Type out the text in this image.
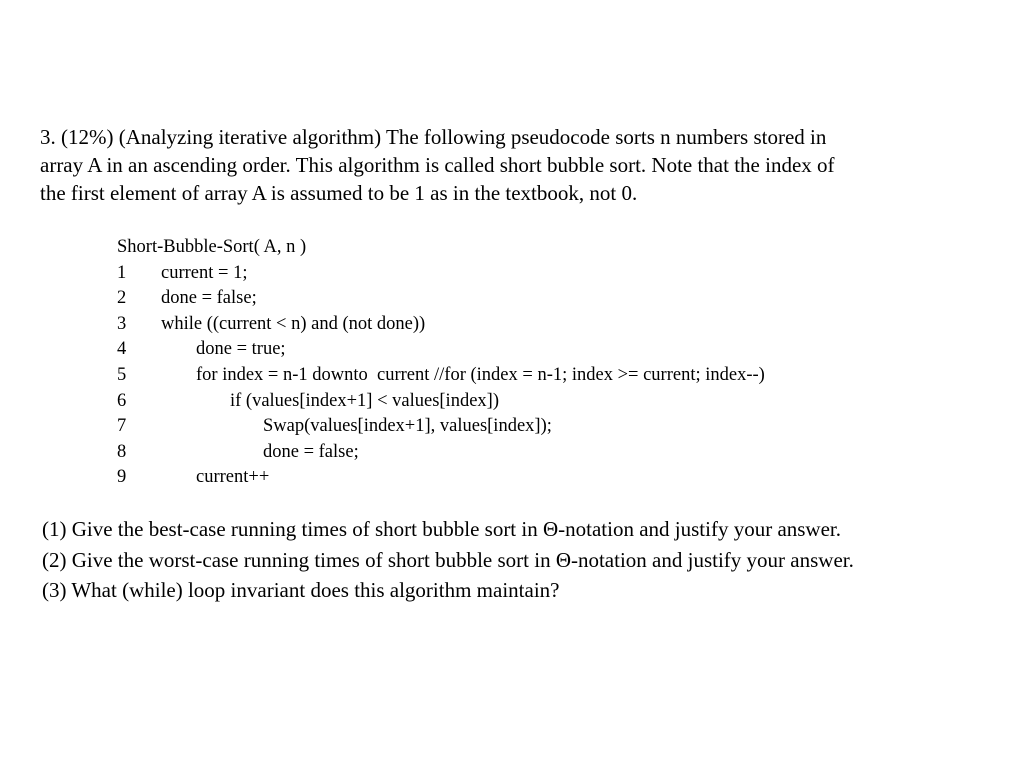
3. (12%) (Analyzing iterative algorithm) The following pseudocode sorts n numbers stored in
array A in an ascending order. This algorithm is called short bubble sort. Note that the index of
the first element of array A is assumed to be 1 as in the textbook, not 0.
Short-Bubble-Sort( A, n )
1 current = 1;
2 done = false;
3 while ((current < n) and (not done))
4	done = true;
5	for index = n-1 downto  current //for (index = n-1; index >= current; index--)
6	if (values[index+1] < values[index])
7	Swap(values[index+1], values[index]);
8	done = false;
9	current++
(1) Give the best-case running times of short bubble sort in Θ-notation and justify your answer.
(2) Give the worst-case running times of short bubble sort in Θ-notation and justify your answer.
(3) What (while) loop invariant does this algorithm maintain?
